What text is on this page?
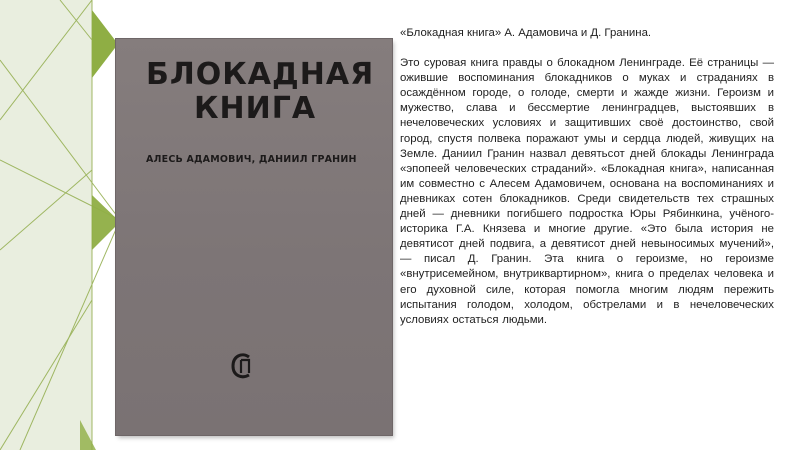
БЛОКАДНАЯ
КНИГА
АЛЕСЬ АДАМОВИЧ, ДАНИИЛ ГРАНИН

«Блокадная книга» А. Адамовича и Д. Гранина.

Это суровая книга правды о блокадном Ленинграде. Её страницы — ожившие воспоминания блокадников о муках и страданиях в осаждённом городе, о голоде, смерти и жажде жизни. Героизм и мужество, слава и бессмертие ленинградцев, выстоявших в нечеловеческих условиях и защитивших своё достоинство, свой город, спустя полвека поражают умы и сердца людей, живущих на Земле. Даниил Гранин назвал девятьсот дней блокады Ленинграда «эпопеей человеческих страданий». «Блокадная книга», написанная им совместно с Алесем Адамовичем, основана на воспоминаниях и дневниках сотен блокадников. Среди свидетельств тех страшных дней — дневники погибшего подростка Юры Рябинкина, учёного-историка Г.А. Князева и многие другие. «Это была история не девятисот дней подвига, а девятисот дней невыносимых мучений», — писал Д. Гранин. Эта книга о героизме, но героизме «внутрисемейном, внутриквартирном», книга о пределах человека и его духовной силе, которая помогла многим людям пережить испытания голодом, холодом, обстрелами и в нечеловеческих условиях остаться людьми.
